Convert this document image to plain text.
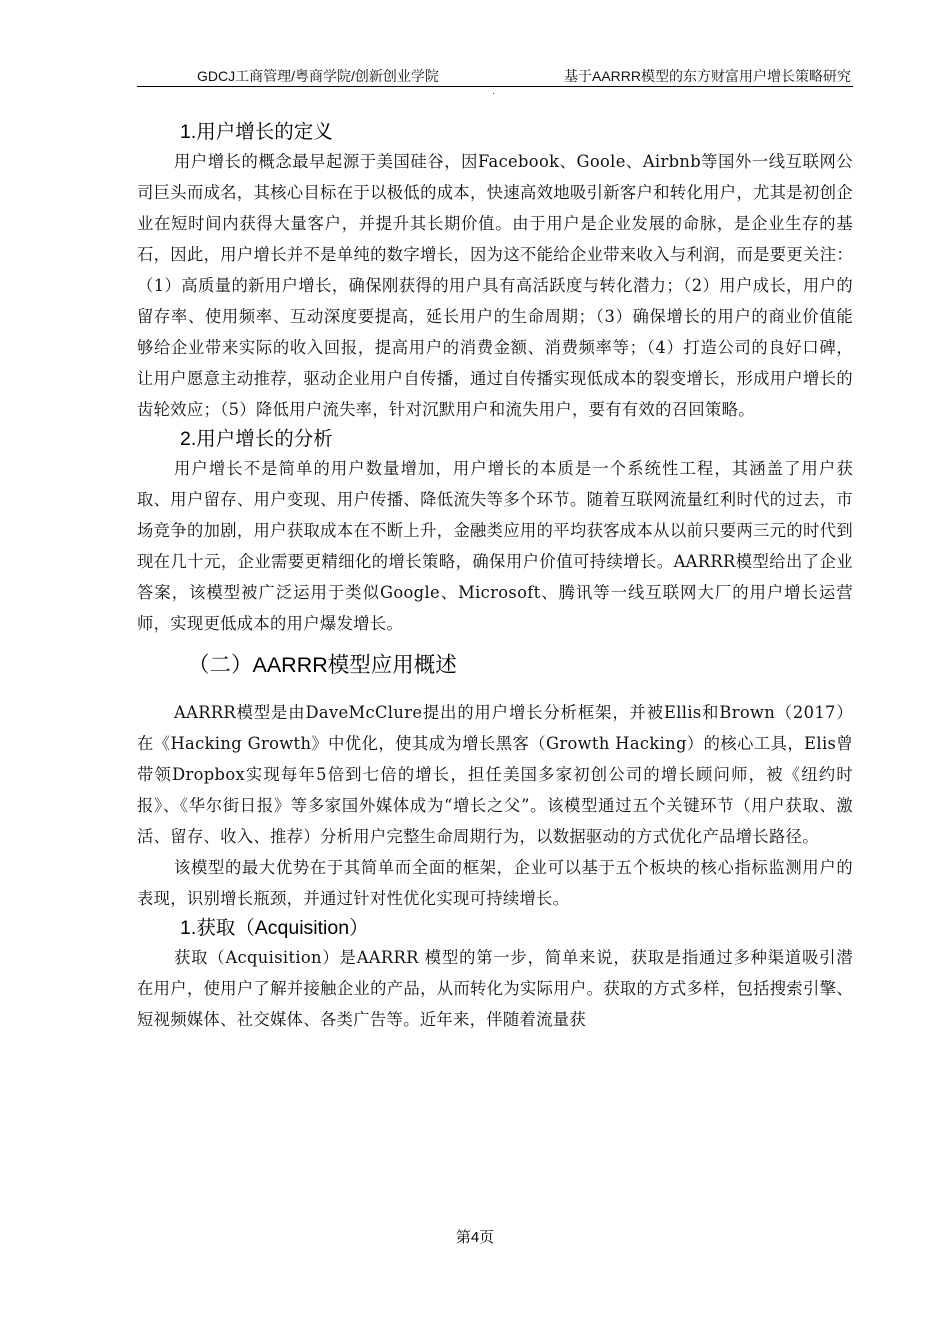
GDCJ工商管理/粤商学院/创新创业学院	基于AARRR模型的东方财富用户增长策略研究
.
1.用户增长的定义

用户增长的概念最早起源于美国硅谷，因Facebook、Goole、Airbnb等国外一线互联网公司巨头而成名，其核心目标在于以极低的成本，快速高效地吸引新客户和转化用户，尤其是初创企业在短时间内获得大量客户，并提升其长期价值。由于用户是企业发展的命脉，是企业生存的基石，因此，用户增长并不是单纯的数字增长，因为这不能给企业带来收入与利润，而是要更关注：（1）高质量的新用户增长，确保刚获得的用户具有高活跃度与转化潜力；（2）用户成长，用户的留存率、使用频率、互动深度要提高，延长用户的生命周期；（3）确保增长的用户的商业价值能够给企业带来实际的收入回报，提高用户的消费金额、消费频率等；（4）打造公司的良好口碑，让用户愿意主动推荐，驱动企业用户自传播，通过自传播实现低成本的裂变增长，形成用户增长的齿轮效应；（5）降低用户流失率，针对沉默用户和流失用户，要有有效的召回策略。

2.用户增长的分析

用户增长不是简单的用户数量增加，用户增长的本质是一个系统性工程，其涵盖了用户获取、用户留存、用户变现、用户传播、降低流失等多个环节。随着互联网流量红利时代的过去，市场竞争的加剧，用户获取成本在不断上升，金融类应用的平均获客成本从以前只要两三元的时代到现在几十元，企业需要更精细化的增长策略，确保用户价值可持续增长。AARRR模型给出了企业答案，该模型被广泛运用于类似Google、Microsoft、腾讯等一线互联网大厂的用户增长运营师，实现更低成本的用户爆发增长。

（二）AARRR模型应用概述

AARRR模型是由DaveMcClure提出的用户增长分析框架，并被Ellis和Brown（2017）在《Hacking Growth》中优化，使其成为增长黑客（Growth Hacking）的核心工具，Elis曾带领Dropbox实现每年5倍到七倍的增长，担任美国多家初创公司的增长顾问师，被《纽约时报》、《华尔街日报》等多家国外媒体成为“增长之父”。该模型通过五个关键环节（用户获取、激活、留存、收入、推荐）分析用户完整生命周期行为，以数据驱动的方式优化产品增长路径。

该模型的最大优势在于其简单而全面的框架，企业可以基于五个板块的核心指标监测用户的表现，识别增长瓶颈，并通过针对性优化实现可持续增长。

1.获取（Acquisition）

获取（Acquisition）是AARRR 模型的第一步，简单来说，获取是指通过多种渠道吸引潜在用户，使用户了解并接触企业的产品，从而转化为实际用户。获取的方式多样，包括搜索引擎、短视频媒体、社交媒体、各类广告等。近年来，伴随着流量获

第4页
